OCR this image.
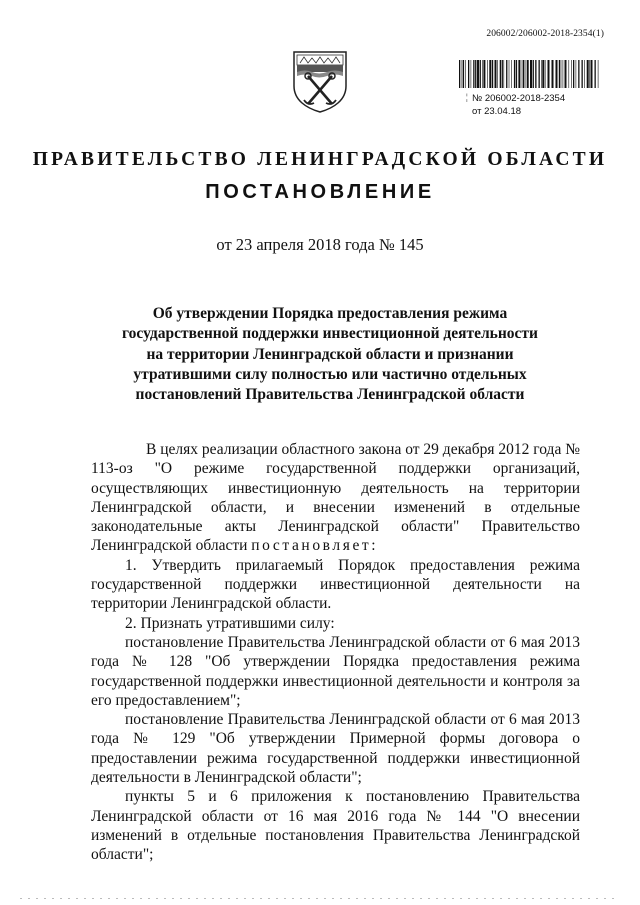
206002/206002-2018-2354(1)
¦ № 206002-2018-2354
от 23.04.18
ПРАВИТЕЛЬСТВО ЛЕНИНГРАДСКОЙ ОБЛАСТИ
ПОСТАНОВЛЕНИЕ
от 23 апреля 2018 года № 145
Об утверждении Порядка предоставления режима
государственной поддержки инвестиционной деятельности
на территории Ленинградской области и признании
утратившими силу полностью или частично отдельных
постановлений Правительства Ленинградской области

В целях реализации областного закона от 29 декабря 2012 года № 113-оз "О режиме государственной поддержки организаций, осуществляющих инвестиционную деятельность на территории Ленинградской области, и внесении изменений в отдельные законодательные акты Ленинградской области" Правительство Ленинградской области постановляет:

1. Утвердить прилагаемый Порядок предоставления режима государственной поддержки инвестиционной деятельности на территории Ленинградской области.

2. Признать утратившими силу:

постановление Правительства Ленинградской области от 6 мая 2013 года № 128 "Об утверждении Порядка предоставления режима государственной поддержки инвестиционной деятельности и контроля за его предоставлением";

постановление Правительства Ленинградской области от 6 мая 2013 года № 129 "Об утверждении Примерной формы договора о предоставлении режима государственной поддержки инвестиционной деятельности в Ленинградской области";

пункты 5 и 6 приложения к постановлению Правительства Ленинградской области от 16 мая 2016 года № 144 "О внесении изменений в отдельные постановления Правительства Ленинградской области";
